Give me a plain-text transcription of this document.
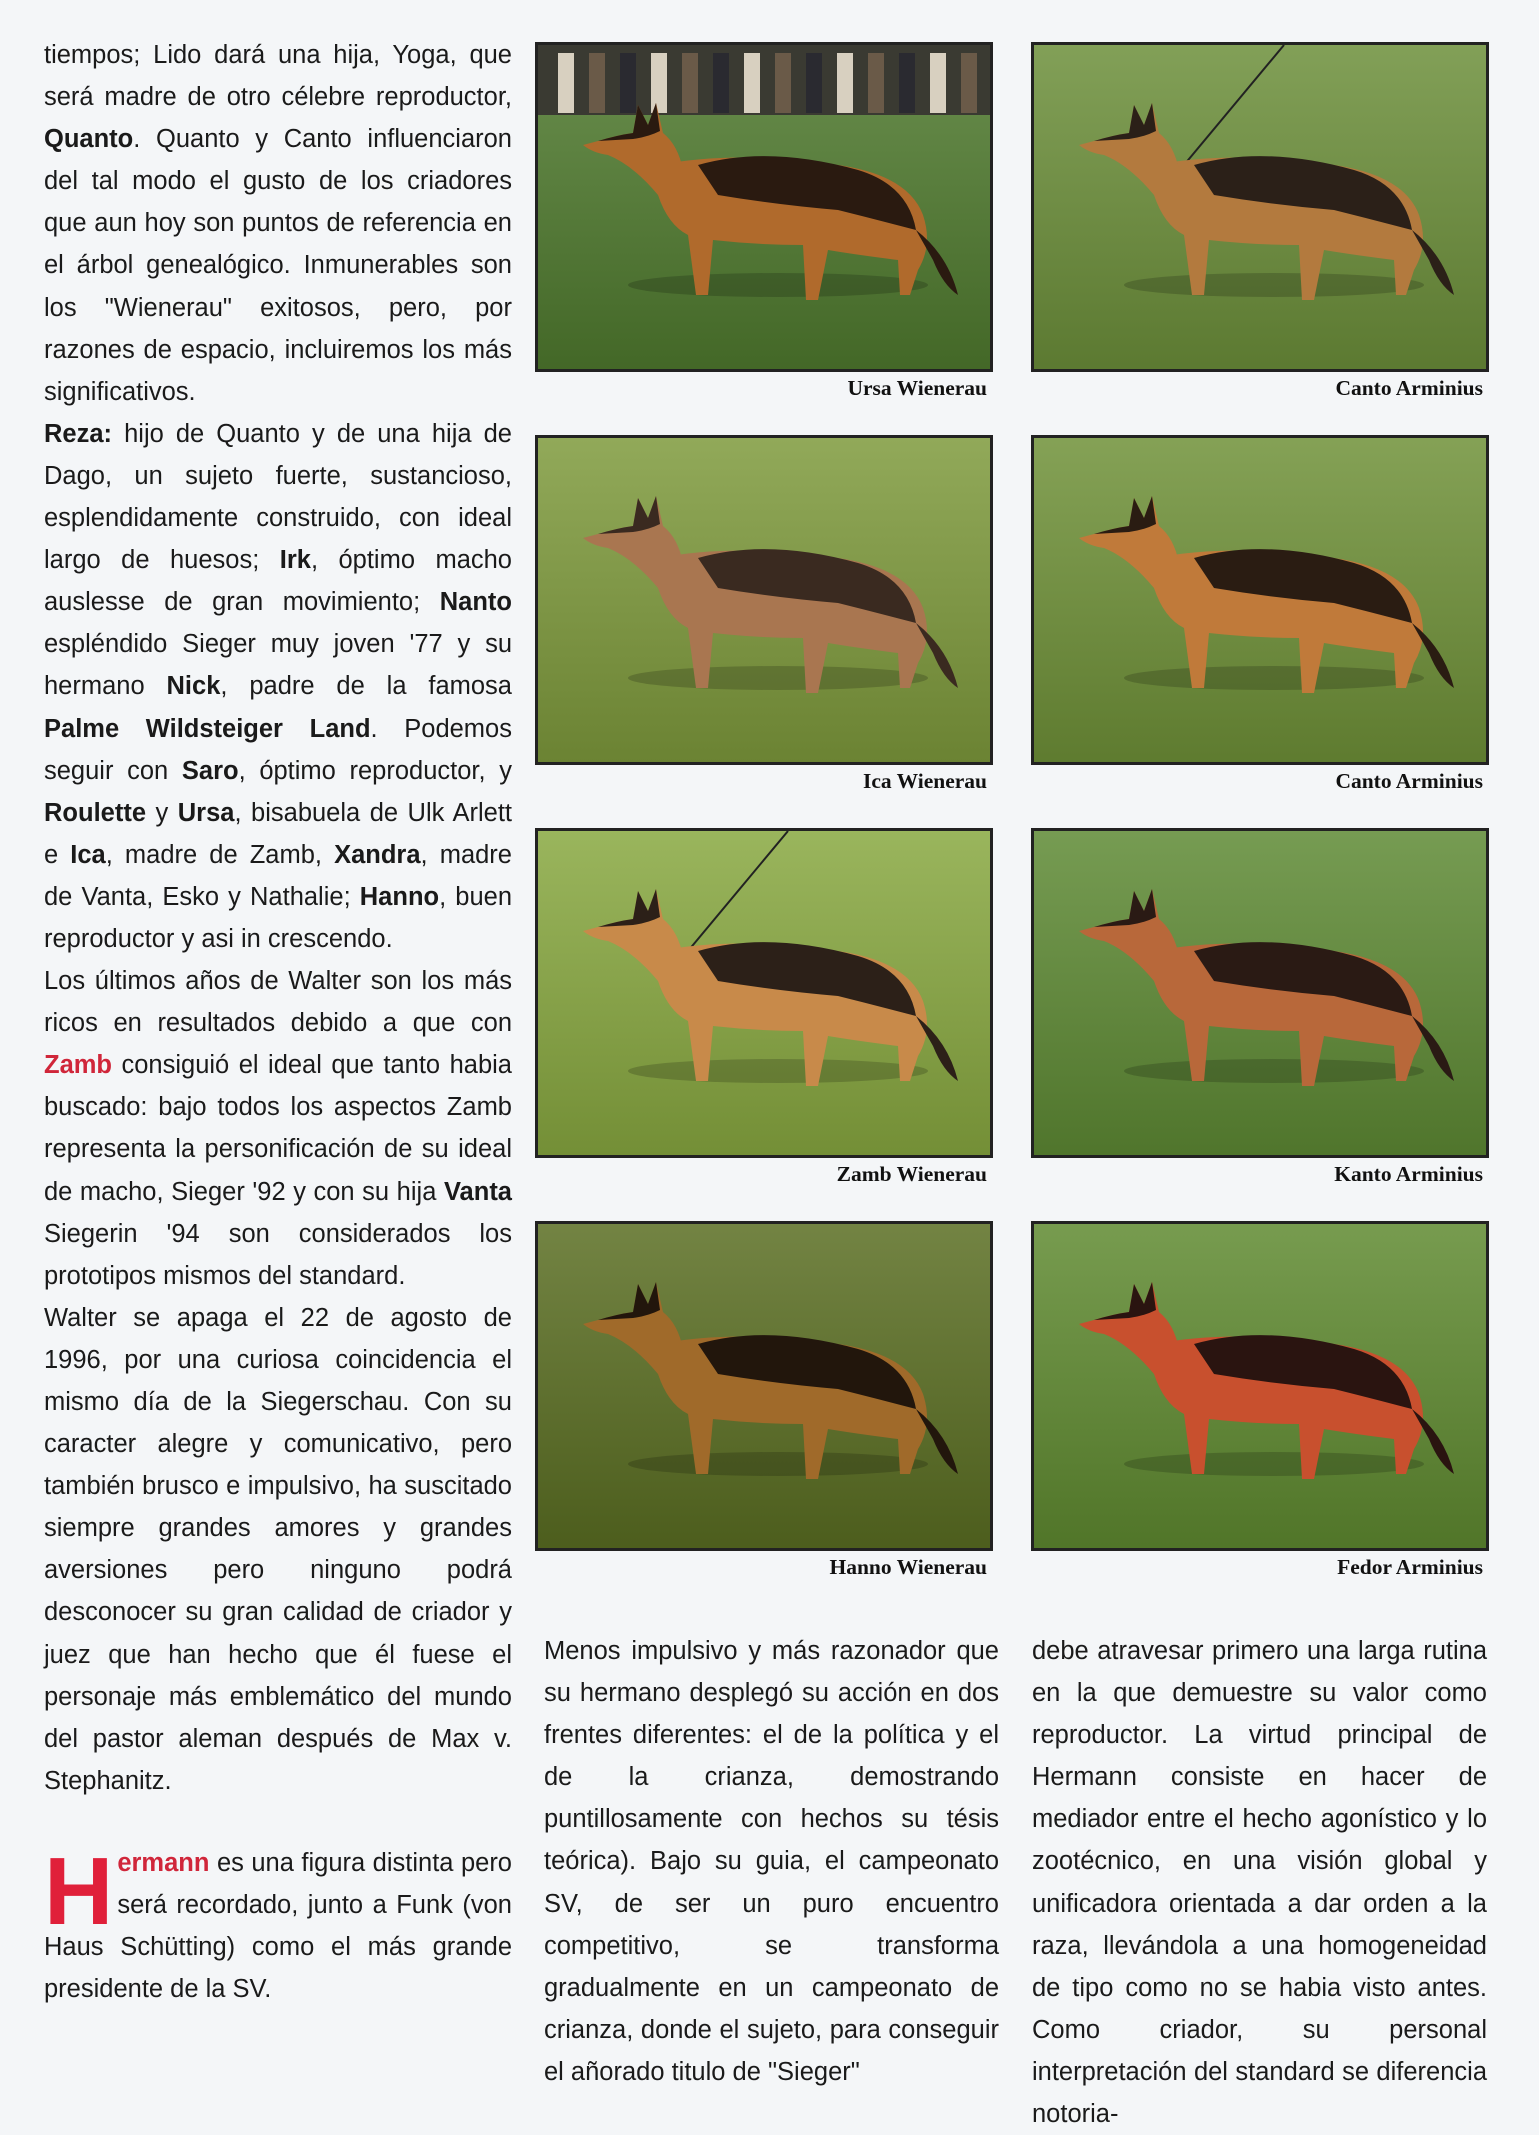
tiempos; Lido dará una hija, Yoga, que será madre de otro célebre reproductor, Quanto. Quanto y Canto influenciaron del tal modo el gusto de los criadores que aun hoy son puntos de referencia en el árbol genealógico. Inmunerables son los "Wienerau" exitosos, pero, por razones de espacio, incluiremos los más significativos.

Reza: hijo de Quanto y de una hija de Dago, un sujeto fuerte, sustancioso, esplendidamente construido, con ideal largo de huesos; Irk, óptimo macho auslesse de gran movimiento; Nanto espléndido Sieger muy joven '77 y su hermano Nick, padre de la famosa Palme Wildsteiger Land. Podemos seguir con Saro, óptimo reproductor, y Roulette y Ursa, bisabuela de Ulk Arlett e Ica, madre de Zamb, Xandra, madre de Vanta, Esko y Nathalie; Hanno, buen reproductor y asi in crescendo.

Los últimos años de Walter son los más ricos en resultados debido a que con Zamb consiguió el ideal que tanto habia buscado: bajo todos los aspectos Zamb representa la personificación de su ideal de macho, Sieger '92 y con su hija Vanta Siegerin '94 son considerados los prototipos mismos del standard.

Walter se apaga el 22 de agosto de 1996, por una curiosa coincidencia el mismo día de la Siegerschau. Con su caracter alegre y comunicativo, pero también brusco e impulsivo, ha suscitado siempre grandes amores y grandes aversiones pero ninguno podrá desconocer su gran calidad de criador y juez que han hecho que él fuese el personaje más emblemático del mundo del pastor aleman después de Max v. Stephanitz.

Hermann es una figura distinta pero será recordado, junto a Funk (von Haus Schütting) como el más grande presidente de la SV.

Ursa Wienerau	Canto Arminius
Ica Wienerau	Canto Arminius
Zamb Wienerau	Kanto Arminius
Hanno Wienerau	Fedor Arminius

Menos impulsivo y más razonador que su hermano desplegó su acción en dos frentes diferentes: el de la política y el de la crianza, demostrando puntillosamente con hechos su tésis teórica). Bajo su guia, el campeonato SV, de ser un puro encuentro competitivo, se transforma gradualmente en un campeonato de crianza, donde el sujeto, para conseguir el añorado titulo de "Sieger"

debe atravesar primero una larga rutina en la que demuestre su valor como reproductor. La virtud principal de Hermann consiste en hacer de mediador entre el hecho agonístico y lo zootécnico, en una visión global y unificadora orientada a dar orden a la raza, llevándola a una homogeneidad de tipo como no se habia visto antes. Como criador, su personal interpretación del standard se diferencia notoria-
